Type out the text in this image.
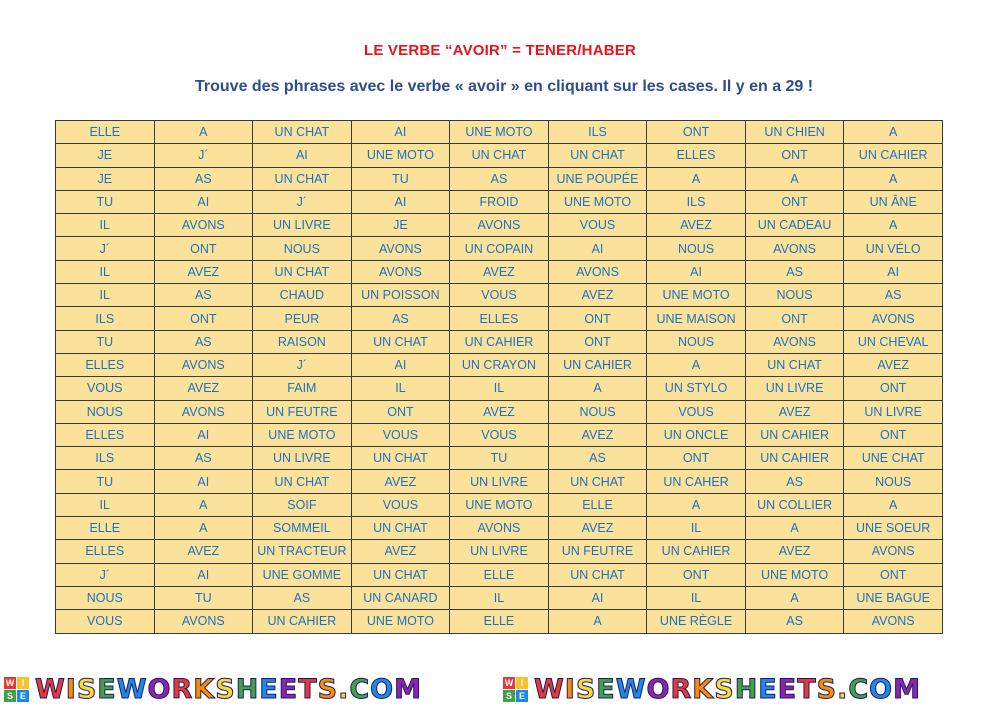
LE VERBE “AVOIR” = TENER/HABER
Trouve des phrases avec le verbe « avoir » en cliquant sur les cases. Il y en a 29 !
ELLE	A	UN CHAT	AI	UNE MOTO	ILS	ONT	UN CHIEN	A
JE	J´	AI	UNE MOTO	UN CHAT	UN CHAT	ELLES	ONT	UN CAHIER
JE	AS	UN CHAT	TU	AS	UNE POUPÉE	A	A	A
TU	AI	J´	AI	FROID	UNE MOTO	ILS	ONT	UN ÂNE
IL	AVONS	UN LIVRE	JE	AVONS	VOUS	AVEZ	UN CADEAU	A
J´	ONT	NOUS	AVONS	UN COPAIN	AI	NOUS	AVONS	UN VÉLO
IL	AVEZ	UN CHAT	AVONS	AVEZ	AVONS	AI	AS	AI
IL	AS	CHAUD	UN POISSON	VOUS	AVEZ	UNE MOTO	NOUS	AS
ILS	ONT	PEUR	AS	ELLES	ONT	UNE MAISON	ONT	AVONS
TU	AS	RAISON	UN CHAT	UN CAHIER	ONT	NOUS	AVONS	UN CHEVAL
ELLES	AVONS	J´	AI	UN CRAYON	UN CAHIER	A	UN CHAT	AVEZ
VOUS	AVEZ	FAIM	IL	IL	A	UN STYLO	UN LIVRE	ONT
NOUS	AVONS	UN FEUTRE	ONT	AVEZ	NOUS	VOUS	AVEZ	UN LIVRE
ELLES	AI	UNE MOTO	VOUS	VOUS	AVEZ	UN ONCLE	UN CAHIER	ONT
ILS	AS	UN LIVRE	UN CHAT	TU	AS	ONT	UN CAHIER	UNE CHAT
TU	AI	UN CHAT	AVEZ	UN LIVRE	UN CHAT	UN CAHER	AS	NOUS
IL	A	SOIF	VOUS	UNE MOTO	ELLE	A	UN COLLIER	A
ELLE	A	SOMMEIL	UN CHAT	AVONS	AVEZ	IL	A	UNE SOEUR
ELLES	AVEZ	UN TRACTEUR	AVEZ	UN LIVRE	UN FEUTRE	UN CAHIER	AVEZ	AVONS
J´	AI	UNE GOMME	UN CHAT	ELLE	UN CHAT	ONT	UNE MOTO	ONT
NOUS	TU	AS	UN CANARD	IL	AI	IL	A	UNE BAGUE
VOUS	AVONS	UN CAHIER	UNE MOTO	ELLE	A	UNE RÈGLE	AS	AVONS
W I
S E WISEWORKSHEETS.COM	W I
S E WISEWORKSHEETS.COM
